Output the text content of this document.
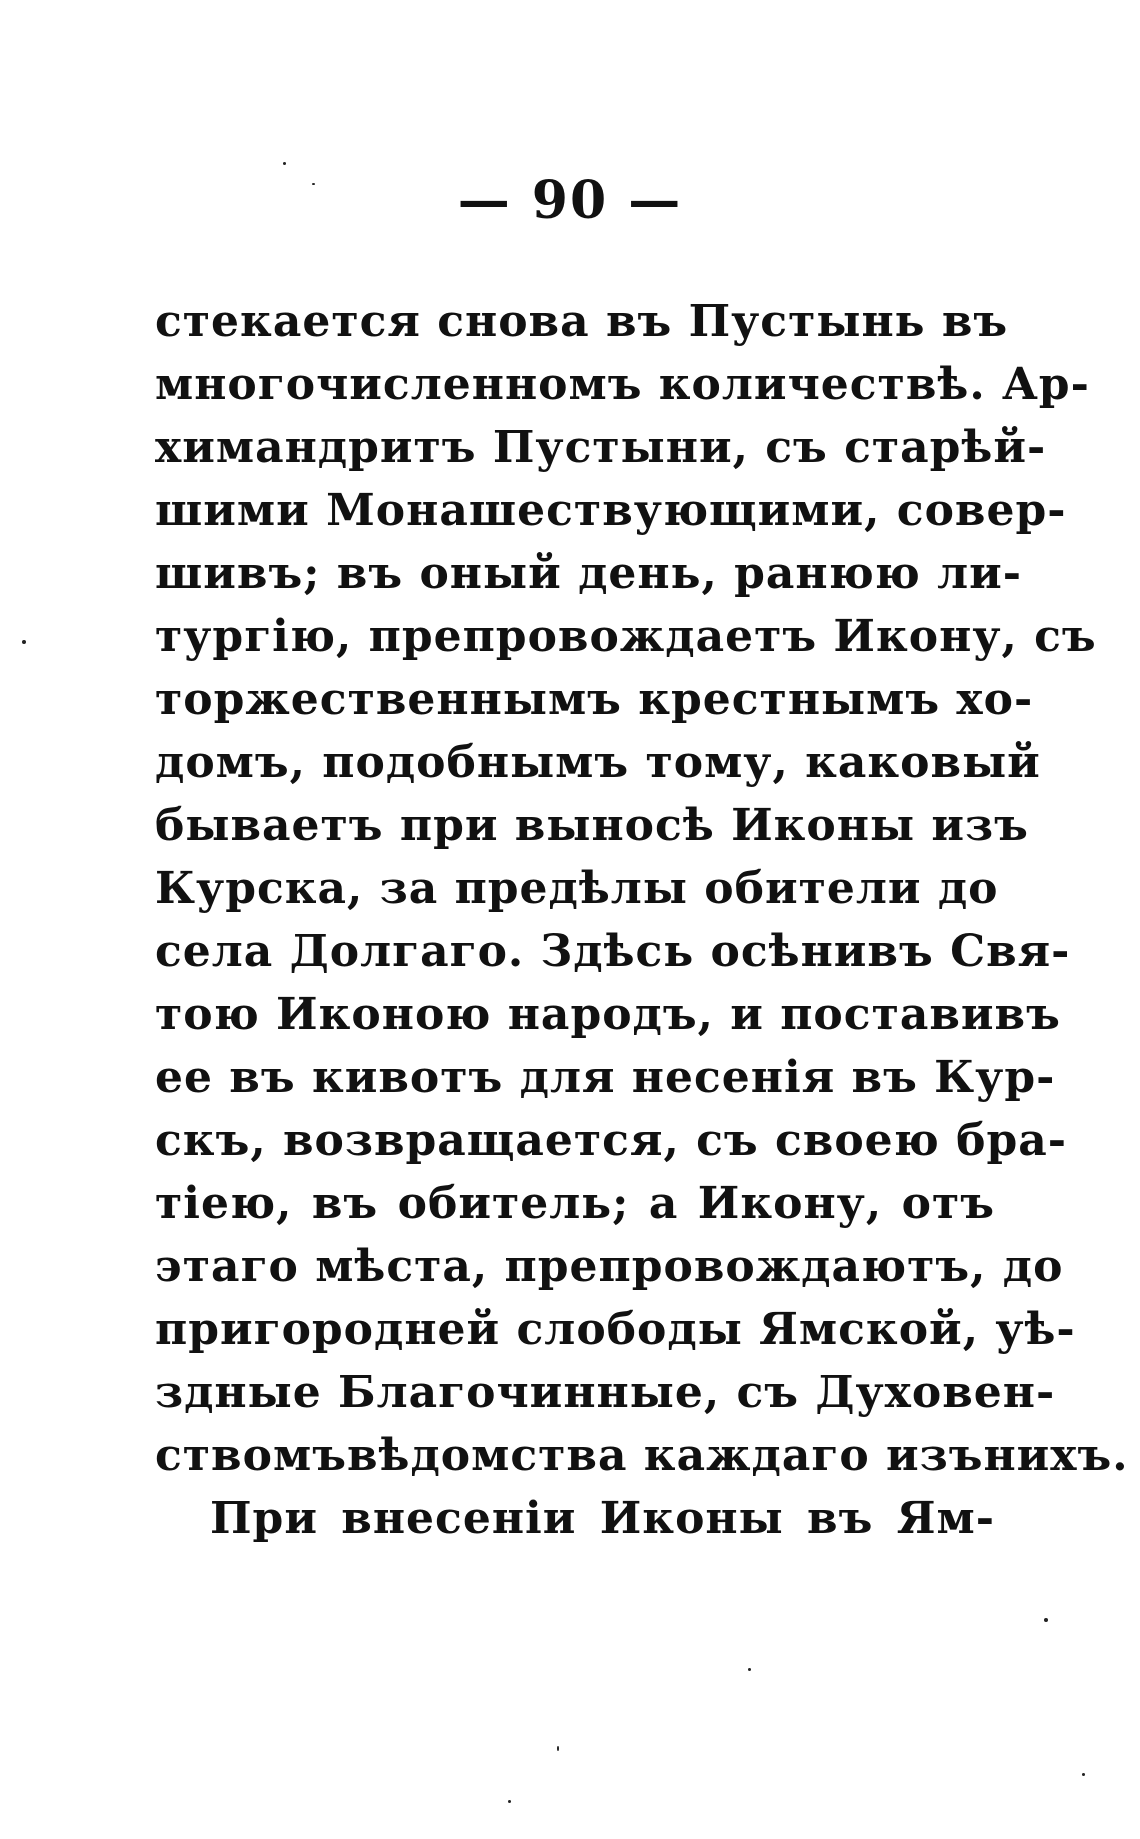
— 90 —
стекается снова въ Пустынь въ
многочисленномъ количествѣ. Ар-
химандритъ Пустыни, съ старѣй-
шими Монашествующими, совер-
шивъ; въ оный день, ранюю ли-
тургію, препровождаетъ Икону, съ
торжественнымъ крестнымъ хо-
домъ, подобнымъ тому, каковый
бываетъ при выносѣ Иконы изъ
Курска, за предѣлы обители до
села Долгаго. Здѣсь осѣнивъ Свя-
тою Иконою народъ, и поставивъ
ее въ кивотъ для несенія въ Кур-
скъ, возвращается, съ своею бра-
тіею, въ обитель; а Икону, отъ
этаго мѣста, препровождаютъ, до
пригородней слободы Ямской, уѣ-
здные Благочинные, съ Духовен-
ствомъвѣдомства каждаго изънихъ.
При внесеніи Иконы въ Ям-
